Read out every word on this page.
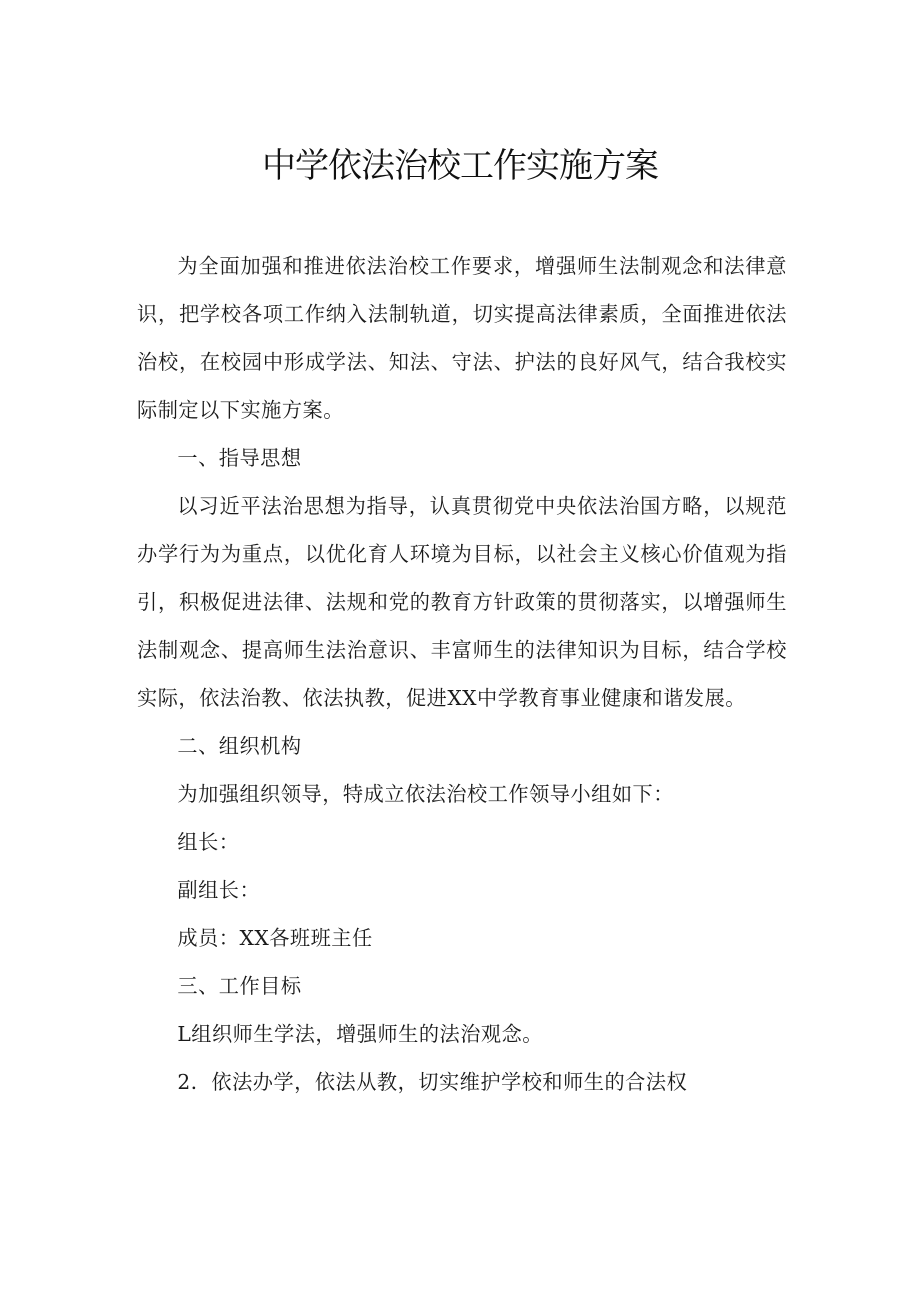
中学依法治校工作实施方案

为全面加强和推进依法治校工作要求，增强师生法制观念和法律意识，把学校各项工作纳入法制轨道，切实提高法律素质，全面推进依法治校，在校园中形成学法、知法、守法、护法的良好风气，结合我校实际制定以下实施方案。

一、指导思想

以习近平法治思想为指导，认真贯彻党中央依法治国方略，以规范办学行为为重点，以优化育人环境为目标，以社会主义核心价值观为指引，积极促进法律、法规和党的教育方针政策的贯彻落实，以增强师生法制观念、提高师生法治意识、丰富师生的法律知识为目标，结合学校实际，依法治教、依法执教，促进XX中学教育事业健康和谐发展。

二、组织机构

为加强组织领导，特成立依法治校工作领导小组如下：

组长：

副组长：

成员：XX各班班主任

三、工作目标

L组织师生学法，增强师生的法治观念。

2．依法办学，依法从教，切实维护学校和师生的合法权
